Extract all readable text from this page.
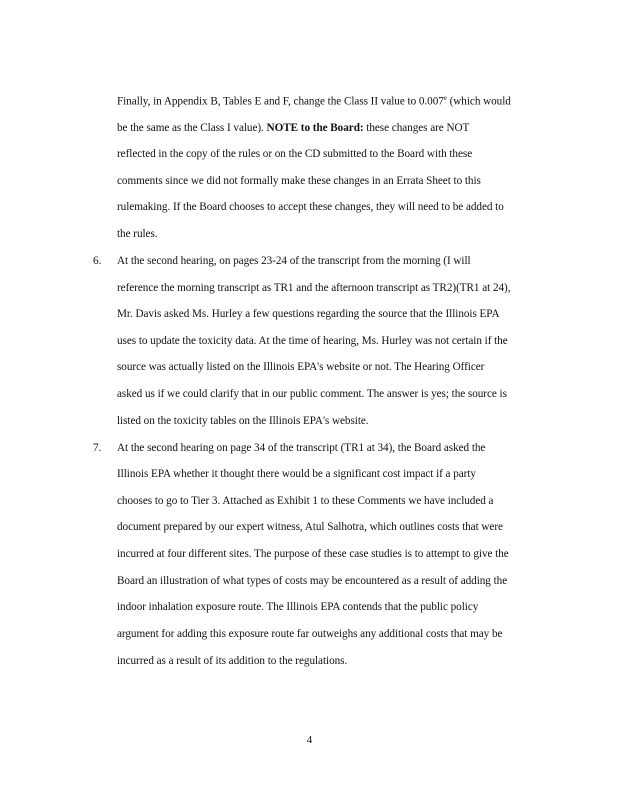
Finally, in Appendix B, Tables E and F, change the Class II value to 0.007e (which would
be the same as the Class I value). NOTE to the Board: these changes are NOT
reflected in the copy of the rules or on the CD submitted to the Board with these
comments since we did not formally make these changes in an Errata Sheet to this
rulemaking. If the Board chooses to accept these changes, they will need to be added to
the rules.
6. At the second hearing, on pages 23-24 of the transcript from the morning (I will
reference the morning transcript as TR1 and the afternoon transcript as TR2)(TR1 at 24),
Mr. Davis asked Ms. Hurley a few questions regarding the source that the Illinois EPA
uses to update the toxicity data. At the time of hearing, Ms. Hurley was not certain if the
source was actually listed on the Illinois EPA's website or not. The Hearing Officer
asked us if we could clarify that in our public comment. The answer is yes; the source is
listed on the toxicity tables on the Illinois EPA's website.
7. At the second hearing on page 34 of the transcript (TR1 at 34), the Board asked the
Illinois EPA whether it thought there would be a significant cost impact if a party
chooses to go to Tier 3. Attached as Exhibit 1 to these Comments we have included a
document prepared by our expert witness, Atul Salhotra, which outlines costs that were
incurred at four different sites. The purpose of these case studies is to attempt to give the
Board an illustration of what types of costs may be encountered as a result of adding the
indoor inhalation exposure route. The Illinois EPA contends that the public policy
argument for adding this exposure route far outweighs any additional costs that may be
incurred as a result of its addition to the regulations.
4
